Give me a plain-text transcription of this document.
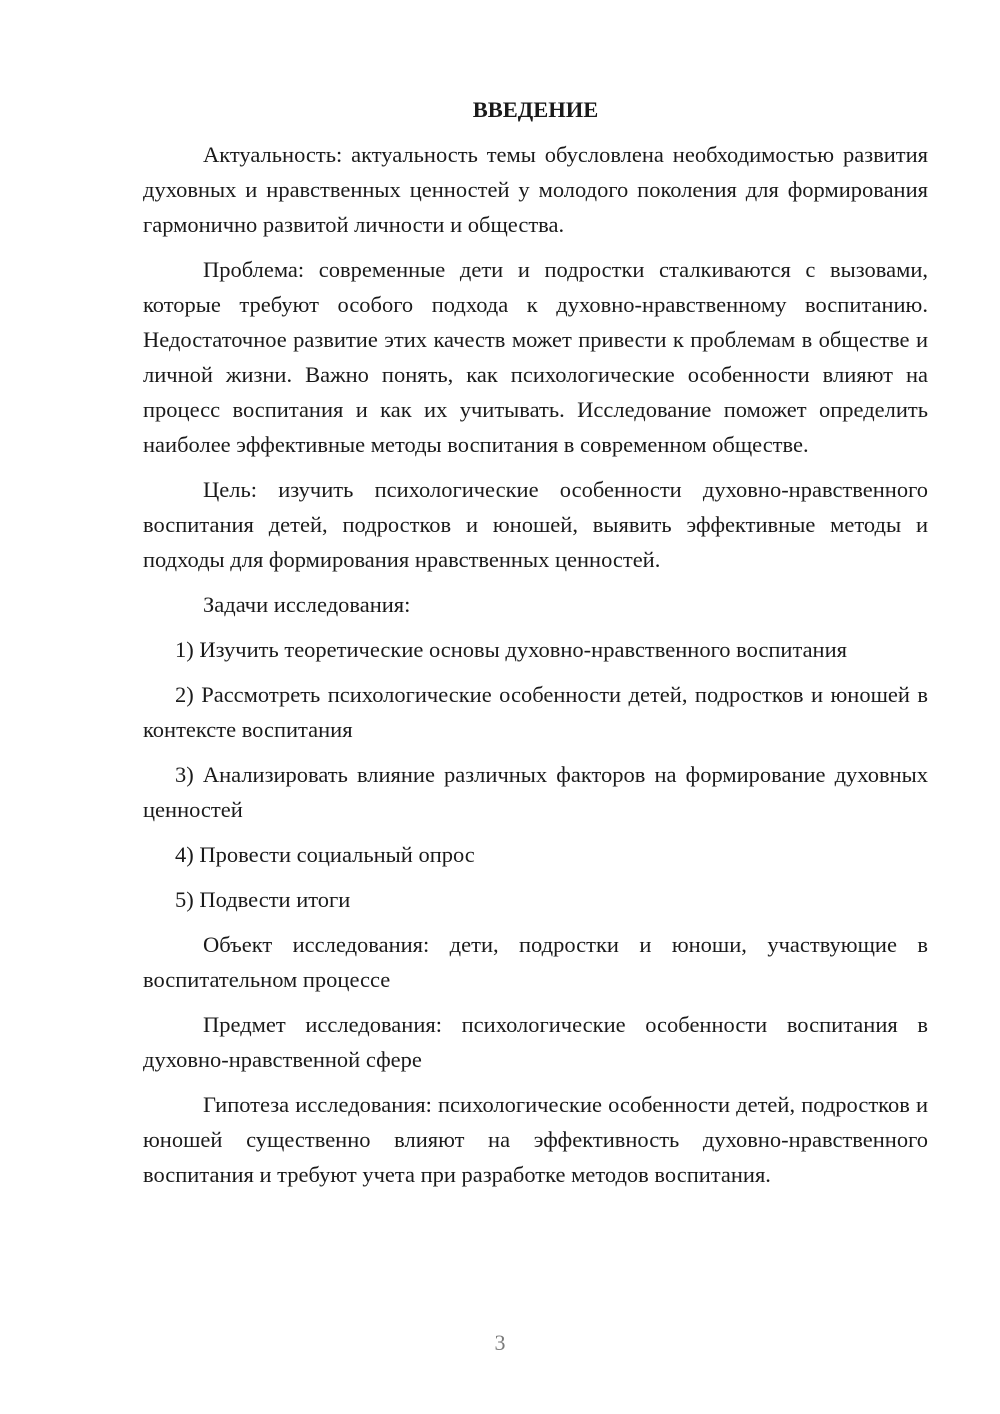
ВВЕДЕНИЕ

Актуальность: актуальность темы обусловлена необходимостью развития духовных и нравственных ценностей у молодого поколения для формирования гармонично развитой личности и общества.

Проблема: современные дети и подростки сталкиваются с вызовами, которые требуют особого подхода к духовно-нравственному воспитанию. Недостаточное развитие этих качеств может привести к проблемам в обществе и личной жизни. Важно понять, как психологические особенности влияют на процесс воспитания и как их учитывать. Исследование поможет определить наиболее эффективные методы воспитания в современном обществе.

Цель: изучить психологические особенности духовно-нравственного воспитания детей, подростков и юношей, выявить эффективные методы и подходы для формирования нравственных ценностей.

Задачи исследования:

1) Изучить теоретические основы духовно-нравственного воспитания

2) Рассмотреть психологические особенности детей, подростков и юношей в контексте воспитания

3) Анализировать влияние различных факторов на формирование духовных ценностей

4) Провести социальный опрос

5) Подвести итоги

Объект исследования: дети, подростки и юноши, участвующие в воспитательном процессе

Предмет исследования: психологические особенности воспитания в духовно-нравственной сфере

Гипотеза исследования: психологические особенности детей, подростков и юношей существенно влияют на эффективность духовно-нравственного воспитания и требуют учета при разработке методов воспитания.

3
